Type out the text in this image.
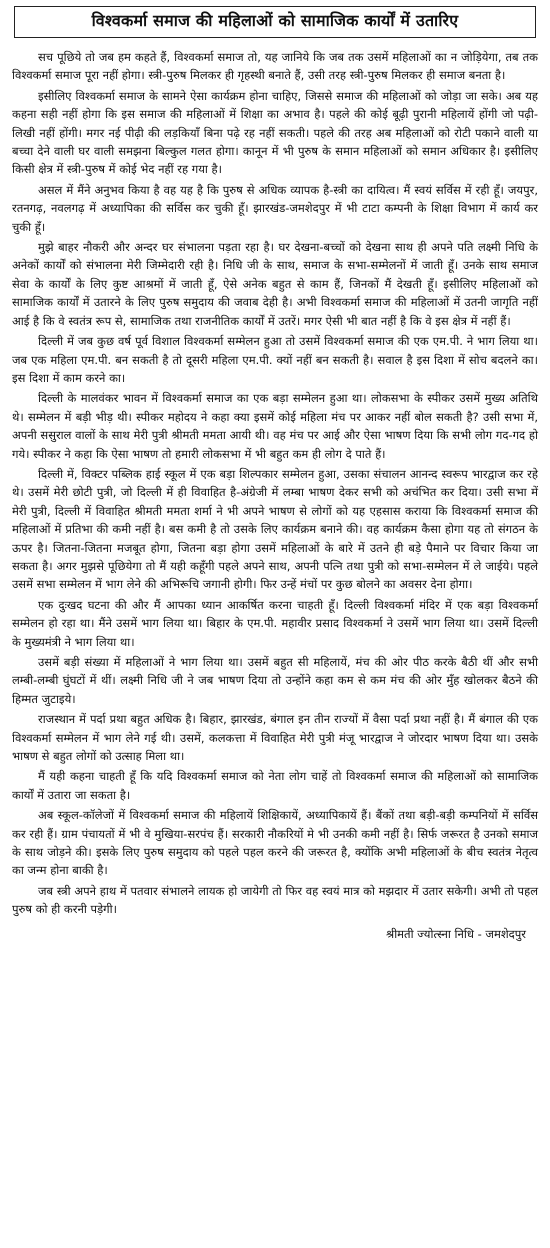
विश्वकर्मा समाज की महिलाओं को सामाजिक कार्यों में उतारिए

सच पूछिये तो जब हम कहते हैं, विश्वकर्मा समाज तो, यह जानिये कि जब तक उसमें महिलाओं का न जोड़ियेगा, तब तक विश्वकर्मा समाज पूरा नहीं होगा। स्त्री-पुरुष मिलकर ही गृहस्थी बनाते हैं, उसी तरह स्त्री-पुरुष मिलकर ही समाज बनता है।

इसीलिए विश्वकर्मा समाज के सामने ऐसा कार्यक्रम होना चाहिए, जिससे समाज की महिलाओं को जोड़ा जा सके। अब यह कहना सही नहीं होगा कि इस समाज की महिलाओं में शिक्षा का अभाव है। पहले की कोई बूढ़ी पुरानी महिलायें होंगी जो पढ़ी-लिखी नहीं होंगी। मगर नई पीढ़ी की लड़कियाँ बिना पढ़े रह नहीं सकती। पहले की तरह अब महिलाओं को रोटी पकाने वाली या बच्चा देने वाली घर वाली समझना बिल्कुल गलत होगा। कानून में भी पुरुष के समान महिलाओं को समान अधिकार है। इसीलिए किसी क्षेत्र में स्त्री-पुरुष में कोई भेद नहीं रह गया है।

असल में मैंने अनुभव किया है वह यह है कि पुरुष से अधिक व्यापक है-स्त्री का दायित्व। मैं स्वयं सर्विस में रही हूँ। जयपुर, रतनगढ़, नवलगढ़ में अध्यापिका की सर्विस कर चुकी हूँ। झारखंड-जमशेदपुर में भी टाटा कम्पनी के शिक्षा विभाग में कार्य कर चुकी हूँ।

मुझे बाहर नौकरी और अन्दर घर संभालना पड़ता रहा है। घर देखना-बच्चों को देखना साथ ही अपने पति लक्ष्मी निधि के अनेकों कार्यों को संभालना मेरी जिम्मेदारी रही है। निधि जी के साथ, समाज के सभा-सम्मेलनों में जाती हूँ। उनके साथ समाज सेवा के कार्यों के लिए कुष्ट आश्रमों में जाती हूँ, ऐसे अनेक बहुत से काम हैं, जिनकों मैं देखती हूँ। इसीलिए महिलाओं को सामाजिक कार्यों में उतारने के लिए पुरुष समुदाय की जवाब देही है। अभी विश्वकर्मा समाज की महिलाओं में उतनी जागृति नहीं आई है कि वे स्वतंत्र रूप से, सामाजिक तथा राजनीतिक कार्यों में उतरें। मगर ऐसी भी बात नहीं है कि वे इस क्षेत्र में नहीं हैं।

दिल्ली में जब कुछ वर्ष पूर्व विशाल विश्वकर्मा सम्मेलन हुआ तो उसमें विश्वकर्मा समाज की एक एम.पी. ने भाग लिया था। जब एक महिला एम.पी. बन सकती है तो दूसरी महिला एम.पी. क्यों नहीं बन सकती है। सवाल है इस दिशा में सोच बदलने का। इस दिशा में काम करने का।

दिल्ली के मालवंकर भावन में विश्वकर्मा समाज का एक बड़ा सम्मेलन हुआ था। लोकसभा के स्पीकर उसमें मुख्य अतिथि थे। सम्मेलन में बड़ी भीड़ थी। स्पीकर महोदय ने कहा क्या इसमें कोई महिला मंच पर आकर नहीं बोल सकती है? उसी सभा में, अपनी ससुराल वालों के साथ मेरी पुत्री श्रीमती ममता आयी थी। वह मंच पर आई और ऐसा भाषण दिया कि सभी लोग गद-गद हो गये। स्पीकर ने कहा कि ऐसा भाषण तो हमारी लोकसभा में भी बहुत कम ही लोग दे पाते हैं।

दिल्ली में, विक्टर पब्लिक हाई स्कूल में एक बड़ा शिल्पकार सम्मेलन हुआ, उसका संचालन आनन्द स्वरूप भारद्वाज कर रहे थे। उसमें मेरी छोटी पुत्री, जो दिल्ली में ही विवाहित है-अंग्रेजी में लम्बा भाषण देकर सभी को अचंभित कर दिया। उसी सभा में मेरी पुत्री, दिल्ली में विवाहित श्रीमती ममता शर्मा ने भी अपने भाषण से लोगों को यह एहसास कराया कि विश्वकर्मा समाज की महिलाओं में प्रतिभा की कमी नहीं है। बस कमी है तो उसके लिए कार्यक्रम बनाने की। वह कार्यक्रम कैसा होगा यह तो संगठन के ऊपर है। जितना-जितना मजबूत होगा, जितना बड़ा होगा उसमें महिलाओं के बारे में उतने ही बड़े पैमाने पर विचार किया जा सकता है। अगर मुझसे पूछियेगा तो मैं यही कहूँगी पहले अपने साथ, अपनी पत्नि तथा पुत्री को सभा-सम्मेलन में ले जाईये। पहले उसमें सभा सम्मेलन में भाग लेने की अभिरूचि जगानी होगी। फिर उन्हें मंचों पर कुछ बोलने का अवसर देना होगा।

एक दुःखद घटना की और मैं आपका ध्यान आकर्षित करना चाहती हूँ। दिल्ली विश्वकर्मा मंदिर में एक बड़ा विश्वकर्मा सम्मेलन हो रहा था। मैंने उसमें भाग लिया था। बिहार के एम.पी. महावीर प्रसाद विश्वकर्मा ने उसमें भाग लिया था। उसमें दिल्ली के मुख्यमंत्री ने भाग लिया था।

उसमें बड़ी संख्या में महिलाओं ने भाग लिया था। उसमें बहुत सी महिलायें, मंच की ओर पीठ करके बैठी थीं और सभी लम्बी-लम्बी घुंघटों में थीं। लक्ष्मी निधि जी ने जब भाषण दिया तो उन्होंने कहा कम से कम मंच की ओर मुँह खोलकर बैठने की हिम्मत जुटाइये।

राजस्थान में पर्दा प्रथा बहुत अधिक है। बिहार, झारखंड, बंगाल इन तीन राज्यों में वैसा पर्दा प्रथा नहीं है। मैं बंगाल की एक विश्वकर्मा सम्मेलन में भाग लेने गई थी। उसमें, कलकत्ता में विवाहित मेरी पुत्री मंजू भारद्वाज ने जोरदार भाषण दिया था। उसके भाषण से बहुत लोगों को उत्साह मिला था।

मैं यही कहना चाहती हूँ कि यदि विश्वकर्मा समाज को नेता लोग चाहें तो विश्वकर्मा समाज की महिलाओं को सामाजिक कार्यों में उतारा जा सकता है।

अब स्कूल-कॉलेजों में विश्वकर्मा समाज की महिलायें शिक्षिकायें, अध्यापिकायें हैं। बैंकों तथा बड़ी-बड़ी कम्पनियों में सर्विस कर रही हैं। ग्राम पंचायतों में भी वे मुखिया-सरपंच हैं। सरकारी नौकरियों मे भी उनकी कमी नहीं है। सिर्फ जरूरत है उनको समाज के साथ जोड़ने की। इसके लिए पुरुष समुदाय को पहले पहल करने की जरूरत है, क्योंकि अभी महिलाओं के बीच स्वतंत्र नेतृत्व का जन्म होना बाकी है।

जब स्त्री अपने हाथ में पतवार संभालने लायक हो जायेगी तो फिर वह स्वयं मात्र को मझदार में उतार सकेगी। अभी तो पहल पुरुष को ही करनी पड़ेगी।

श्रीमती ज्योत्स्ना निधि - जमशेदपुर
